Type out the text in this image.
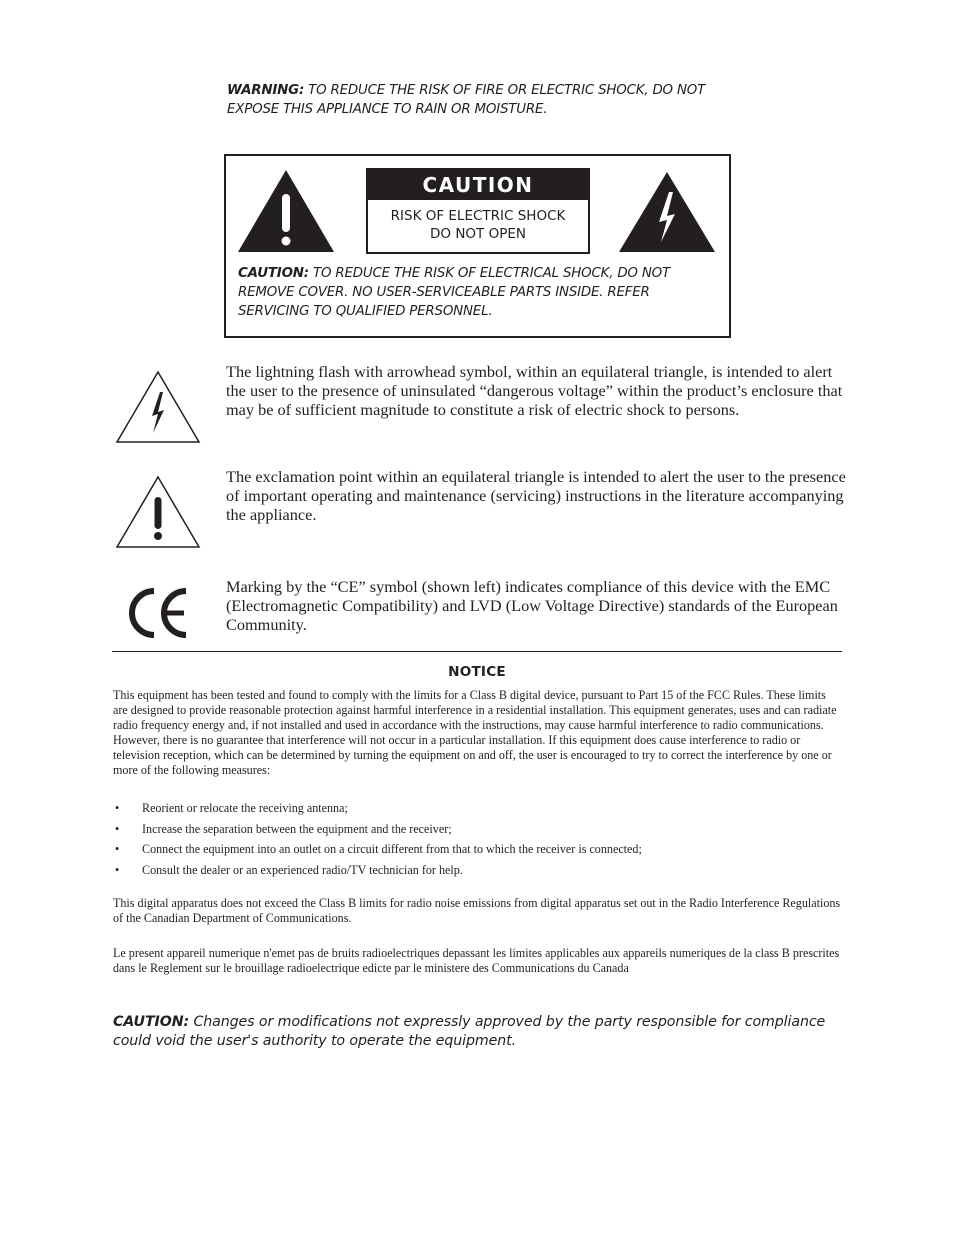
WARNING: TO REDUCE THE RISK OF FIRE OR ELECTRIC SHOCK, DO NOT EXPOSE THIS APPLIANCE TO RAIN OR MOISTURE.
CAUTION
RISK OF ELECTRIC SHOCK
DO NOT OPEN
CAUTION: TO REDUCE THE RISK OF ELECTRICAL SHOCK, DO NOT REMOVE COVER. NO USER-SERVICEABLE PARTS INSIDE. REFER SERVICING TO QUALIFIED PERSONNEL.
The lightning flash with arrowhead symbol, within an equilateral triangle, is intended to alert the user to the presence of uninsulated “dangerous voltage” within the product’s enclosure that may be of sufficient magnitude to constitute a risk of electric shock to persons.
The exclamation point within an equilateral triangle is intended to alert the user to the presence of important operating and maintenance (servicing) instructions in the literature accompanying the appliance.
Marking by the “CE” symbol (shown left) indicates compliance of this device with the EMC (Electromagnetic Compatibility) and LVD (Low Voltage Directive) standards of the European Community.
NOTICE
This equipment has been tested and found to comply with the limits for a Class B digital device, pursuant to Part 15 of the FCC Rules. These limits are designed to provide reasonable protection against harmful interference in a residential installation. This equipment generates, uses and can radiate radio frequency energy and, if not installed and used in accordance with the instructions, may cause harmful interference to radio communications. However, there is no guarantee that interference will not occur in a particular installation. If this equipment does cause interference to radio or television reception, which can be determined by turning the equipment on and off, the user is encouraged to try to correct the interference by one or more of the following measures:
• Reorient or relocate the receiving antenna;
• Increase the separation between the equipment and the receiver;
• Connect the equipment into an outlet on a circuit different from that to which the receiver is connected;
• Consult the dealer or an experienced radio/TV technician for help.
This digital apparatus does not exceed the Class B limits for radio noise emissions from digital apparatus set out in the Radio Interference Regulations of the Canadian Department of Communications.
Le present appareil numerique n'emet pas de bruits radioelectriques depassant les limites applicables aux appareils numeriques de la class B prescrites dans le Reglement sur le brouillage radioelectrique edicte par le ministere des Communications du Canada
CAUTION: Changes or modifications not expressly approved by the party responsible for compliance could void the user's authority to operate the equipment.
